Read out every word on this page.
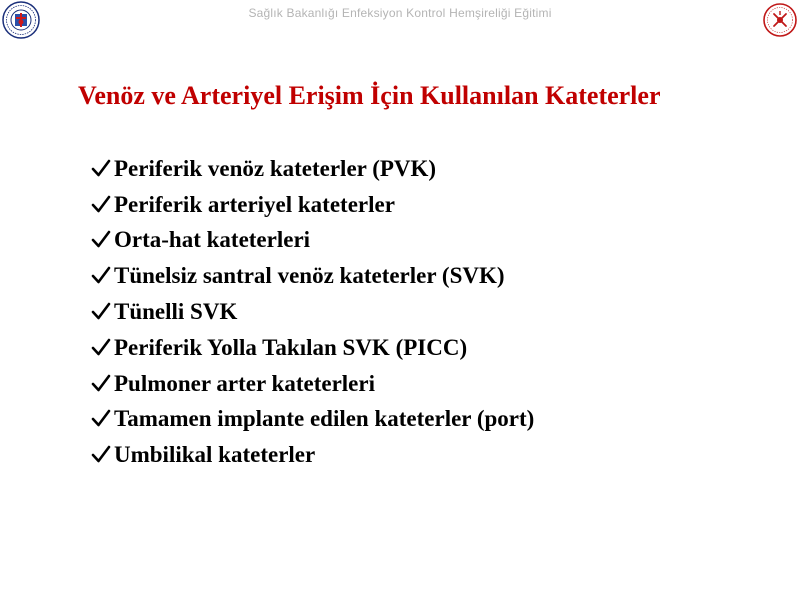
Sağlık Bakanlığı Enfeksiyon Kontrol Hemşireliği Eğitimi
Venöz ve Arteriyel Erişim İçin Kullanılan Kateterler
Periferik venöz kateterler (PVK)
Periferik arteriyel kateterler
Orta-hat kateterleri
Tünelsiz santral venöz kateterler (SVK)
Tünelli SVK
Periferik Yolla Takılan SVK (PICC)
Pulmoner arter kateterleri
Tamamen implante edilen kateterler (port)
Umbilikal kateterler
